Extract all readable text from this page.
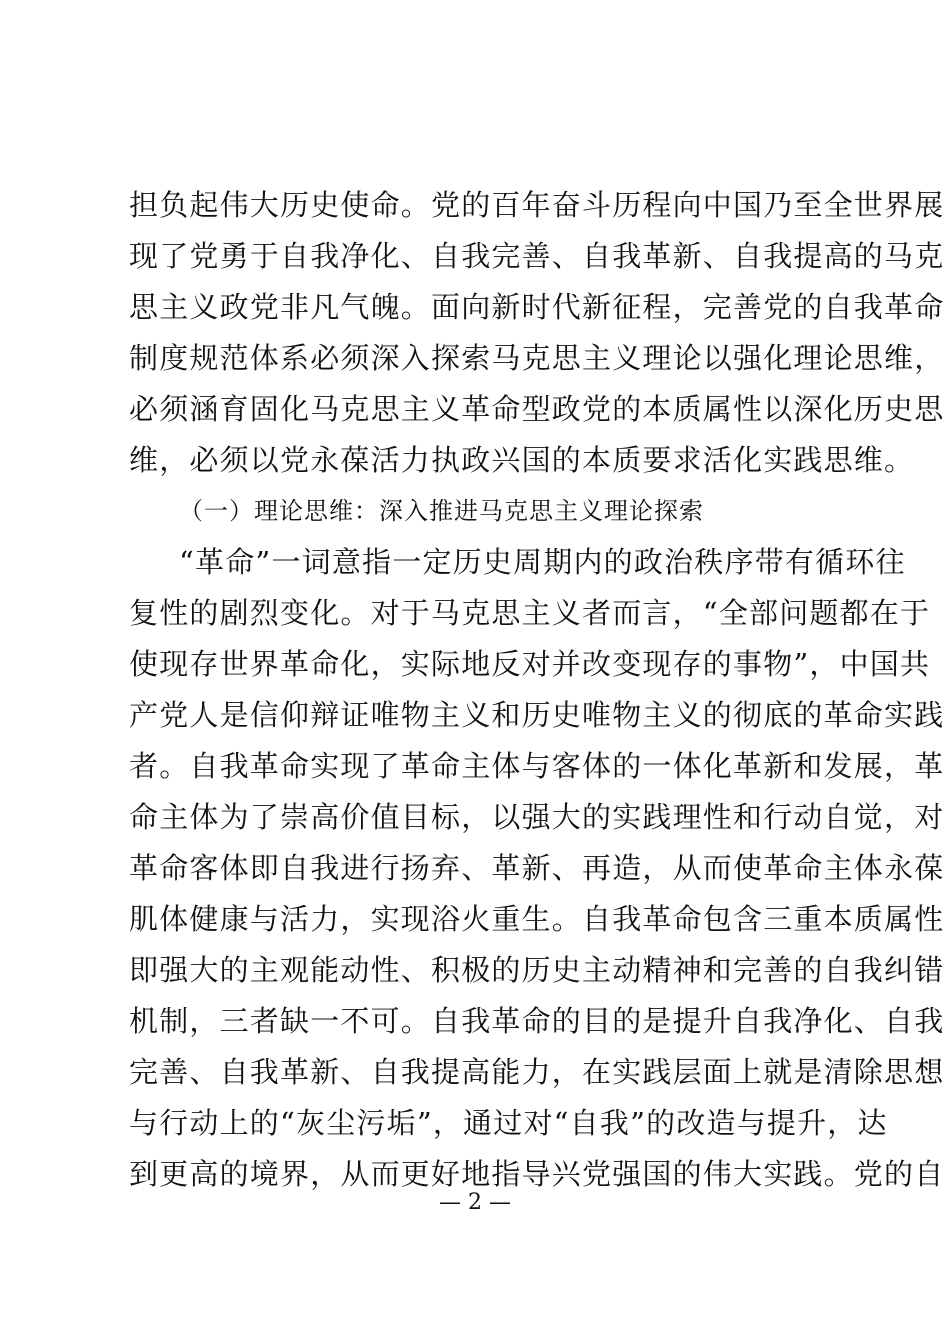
担负起伟大历史使命。党的百年奋斗历程向中国乃至全世界展
现了党勇于自我净化、自我完善、自我革新、自我提高的马克
思主义政党非凡气魄。面向新时代新征程，完善党的自我革命
制度规范体系必须深入探索马克思主义理论以强化理论思维，
必须涵育固化马克思主义革命型政党的本质属性以深化历史思
维，必须以党永葆活力执政兴国的本质要求活化实践思维。
（一）理论思维：深入推进马克思主义理论探索
“革命”一词意指一定历史周期内的政治秩序带有循环往
复性的剧烈变化。对于马克思主义者而言，“全部问题都在于
使现存世界革命化，实际地反对并改变现存的事物”，中国共
产党人是信仰辩证唯物主义和历史唯物主义的彻底的革命实践
者。自我革命实现了革命主体与客体的一体化革新和发展，革
命主体为了崇高价值目标，以强大的实践理性和行动自觉，对
革命客体即自我进行扬弃、革新、再造，从而使革命主体永葆
肌体健康与活力，实现浴火重生。自我革命包含三重本质属性
即强大的主观能动性、积极的历史主动精神和完善的自我纠错
机制，三者缺一不可。自我革命的目的是提升自我净化、自我
完善、自我革新、自我提高能力，在实践层面上就是清除思想
与行动上的“灰尘污垢”，通过对“自我”的改造与提升，达
到更高的境界，从而更好地指导兴党强国的伟大实践。党的自
— 2 —
